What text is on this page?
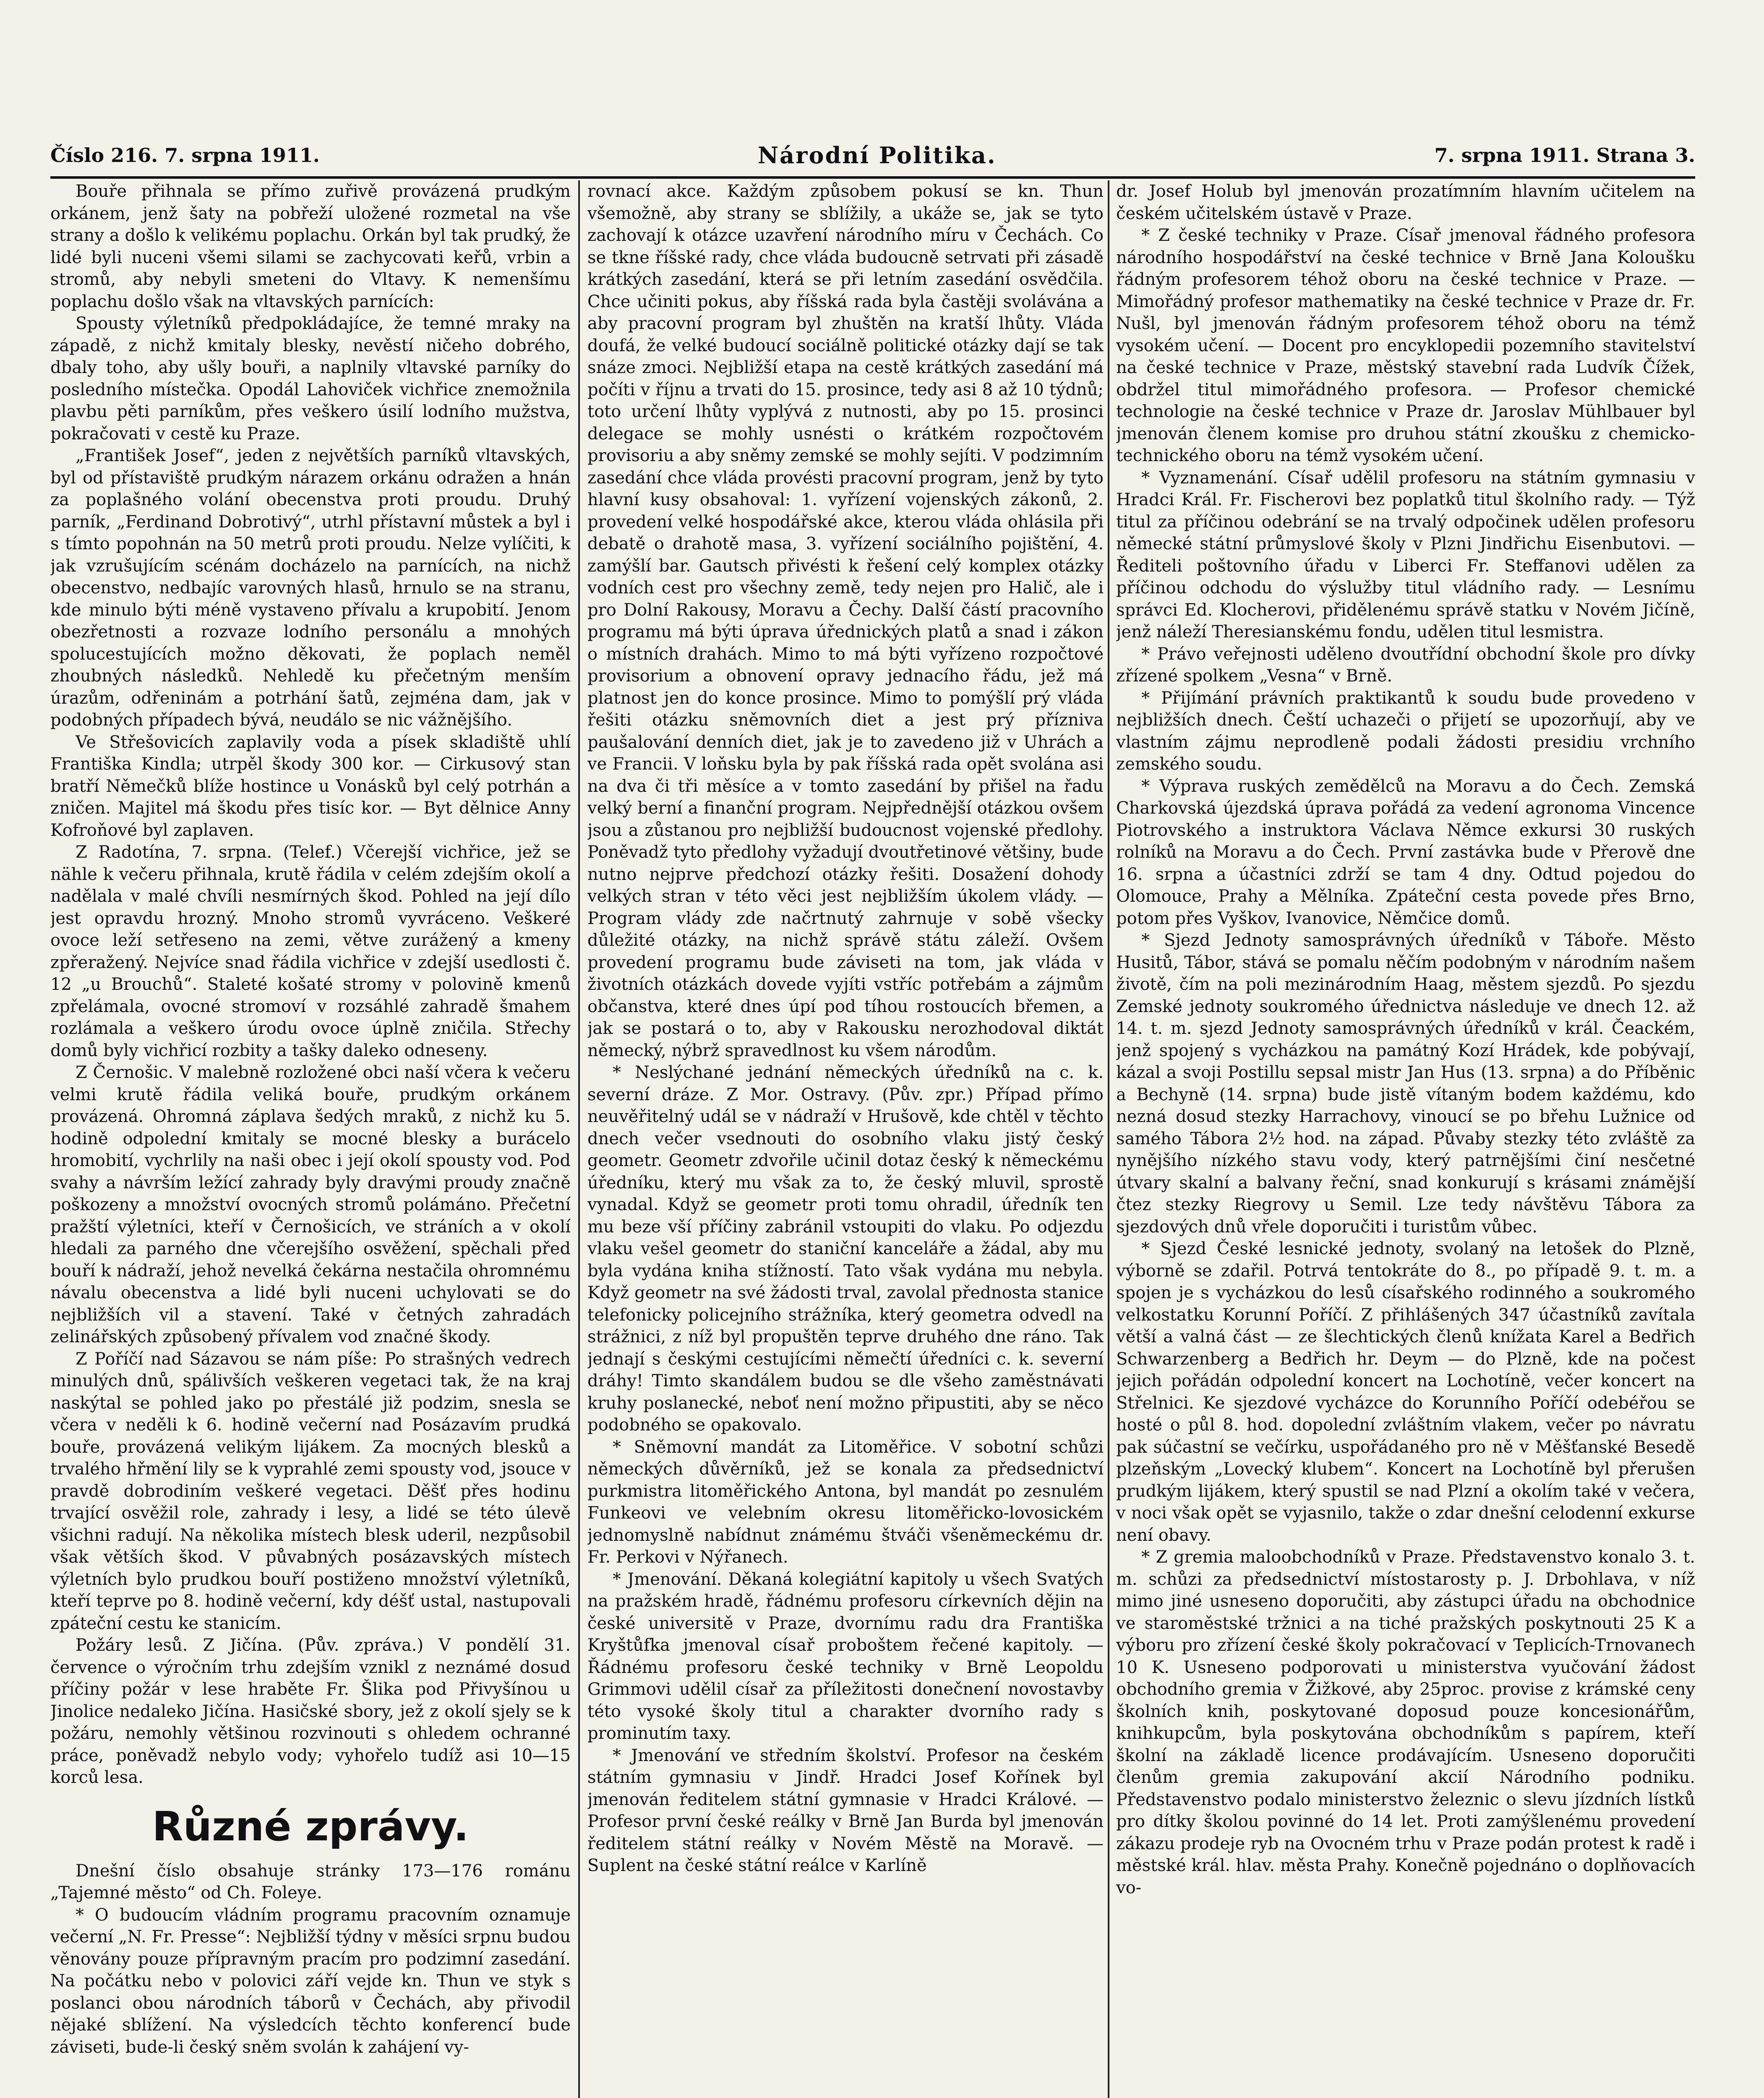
Číslo 216. 7. srpna 1911.	Národní Politika.	7. srpna 1911. Strana 3.

Bouře přihnala se přímo zuřivě provázená prudkým orkánem, jenž šaty na pobřeží uložené rozmetal na vše strany a došlo k velikému poplachu. Orkán byl tak prudký, že lidé byli nuceni všemi silami se zachycovati keřů, vrbin a stromů, aby nebyli smeteni do Vltavy. K nemenšímu poplachu došlo však na vltavských parnících:

Spousty výletníků předpokládajíce, že temné mraky na západě, z nichž kmitaly blesky, nevěstí ničeho dobrého, dbaly toho, aby ušly bouři, a naplnily vltavské parníky do posledního místečka. Opodál Lahoviček vichřice znemožnila plavbu pěti parníkům, přes veškero úsilí lodního mužstva, pokračovati v cestě ku Praze.

„František Josef“, jeden z největších parníků vltavských, byl od přístaviště prudkým nárazem orkánu odražen a hnán za poplašného volání obecenstva proti proudu. Druhý parník, „Ferdinand Dobrotivý“, utrhl přístavní můstek a byl i s tímto popohnán na 50 metrů proti proudu. Nelze vylíčiti, k jak vzrušujícím scénám docházelo na parnících, na nichž obecenstvo, nedbajíc varovných hlasů, hrnulo se na stranu, kde minulo býti méně vystaveno přívalu a krupobití. Jenom obezřetnosti a rozvaze lodního personálu a mnohých spolucestujících možno děkovati, že poplach neměl zhoubných následků. Nehledě ku přečetným menším úrazům, odřeninám a potrhání šatů, zejména dam, jak v podobných případech bývá, neudálo se nic vážnějšího.

Ve Střešovicích zaplavily voda a písek skladiště uhlí Františka Kindla; utrpěl škody 300 kor. — Cirkusový stan bratří Němečků blíže hostince u Vonásků byl celý potrhán a zničen. Majitel má škodu přes tisíc kor. — Byt dělnice Anny Kofroňové byl zaplaven.

Z Radotína, 7. srpna. (Telef.) Včerejší vichřice, jež se nähle k večeru přihnala, krutě řádila v celém zdejším okolí a nadělala v malé chvíli nesmírných škod. Pohled na její dílo jest opravdu hrozný. Mnoho stromů vyvráceno. Veškeré ovoce leží setřeseno na zemi, větve zurážený a kmeny zpřeražený. Nejvíce snad řádila vichřice v zdejší usedlosti č. 12 „u Brouchů“. Staleté košaté stromy v polovině kmenů zpřelámala, ovocné stromoví v rozsáhlé zahradě šmahem rozlámala a veškero úrodu ovoce úplně zničila. Střechy domů byly vichřicí rozbity a tašky daleko odneseny.

Z Černošic. V malebně rozložené obci naší včera k večeru velmi krutě řádila veliká bouře, prudkým orkánem provázená. Ohromná záplava šedých mraků, z nichž ku 5. hodině odpolední kmitaly se mocné blesky a burácelo hromobití, vychrlily na naši obec i její okolí spousty vod. Pod svahy a návrším ležící zahrady byly dravými proudy značně poškozeny a množství ovocných stromů polámáno. Přečetní pražští výletníci, kteří v Černošicích, ve stráních a v okolí hledali za parného dne včerejšího osvěžení, spěchali před bouří k nádraží, jehož nevelká čekárna nestačila ohromnému návalu obecenstva a lidé byli nuceni uchylovati se do nejbližších vil a stavení. Také v četných zahradách zelinářských způsobený přívalem vod značné škody.

Z Poříčí nad Sázavou se nám píše: Po strašných vedrech minulých dnů, spálivších veškeren vegetaci tak, že na kraj naskýtal se pohled jako po přestálé již podzim, snesla se včera v neděli k 6. hodině večerní nad Posázavím prudká bouře, provázená velikým lijákem. Za mocných blesků a trvalého hřmění lily se k vyprahlé zemi spousty vod, jsouce v pravdě dobrodiním veškeré vegetaci. Děšť přes hodinu trvající osvěžil role, zahrady i lesy, a lidé se této úlevě všichni radují. Na několika místech blesk uderil, nezpůsobil však větších škod. V půvabných posázavských místech výletních bylo prudkou bouří postiženo množství výletníků, kteří teprve po 8. hodině večerní, kdy déšť ustal, nastupovali zpáteční cestu ke stanicím.

Požáry lesů. Z Jičína. (Pův. zpráva.) V pondělí 31. července o výročním trhu zdejším vznikl z neznámé dosud příčiny požár v lese hraběte Fr. Šlika pod Přivyšínou u Jinolice nedaleko Jičína. Hasičské sbory, jež z okolí sjely se k požáru, nemohly většinou rozvinouti s ohledem ochranné práce, poněvadž nebylo vody; vyhořelo tudíž asi 10—15 korců lesa.

Různé zprávy.

Dnešní číslo obsahuje stránky 173—176 románu „Tajemné město“ od Ch. Foleye.

* O budoucím vládním programu pracovním oznamuje večerní „N. Fr. Presse“: Nejbližší týdny v měsíci srpnu budou věnovány pouze přípravným pracím pro podzimní zasedání. Na počátku nebo v polovici září vejde kn. Thun ve styk s poslanci obou národních táborů v Čechách, aby přivodil nějaké sblížení. Na výsledcích těchto konferencí bude záviseti, bude-li český sněm svolán k zahájení vy-

rovnací akce. Každým způsobem pokusí se kn. Thun všemožně, aby strany se sblížily, a ukáže se, jak se tyto zachovají k otázce uzavření národního míru v Čechách. Co se tkne říšské rady, chce vláda budoucně setrvati při zásadě krátkých zasedání, která se při letním zasedání osvědčila. Chce učiniti pokus, aby říšská rada byla častěji svolávána a aby pracovní program byl zhuštěn na kratší lhůty. Vláda doufá, že velké budoucí sociálně politické otázky dají se tak snáze zmoci. Nejbližší etapa na cestě krátkých zasedání má počíti v říjnu a trvati do 15. prosince, tedy asi 8 až 10 týdnů; toto určení lhůty vyplývá z nutnosti, aby po 15. prosinci delegace se mohly usnésti o krátkém rozpočtovém provisoriu a aby sněmy zemské se mohly sejíti. V podzimním zasedání chce vláda provésti pracovní program, jenž by tyto hlavní kusy obsahoval: 1. vyřízení vojenských zákonů, 2. provedení velké hospodářské akce, kterou vláda ohlásila při debatě o drahotě masa, 3. vyřízení sociálního pojištění, 4. zamýšlí bar. Gautsch přivésti k řešení celý komplex otázky vodních cest pro všechny země, tedy nejen pro Halič, ale i pro Dolní Rakousy, Moravu a Čechy. Další částí pracovního programu má býti úprava úřednických platů a snad i zákon o místních drahách. Mimo to má býti vyřízeno rozpočtové provisorium a obnovení opravy jednacího řádu, jež má platnost jen do konce prosince. Mimo to pomýšlí prý vláda řešiti otázku sněmovních diet a jest prý příznivа paušalování denních diet, jak je to zavedeno již v Uhrách a ve Francii. V loňsku byla by pak říšská rada opět svolána asi na dva či tři měsíce a v tomto zasedání by přišel na řadu velký berní a finanční program. Nejpřednější otázkou ovšem jsou a zůstanou pro nejbližší budoucnost vojenské předlohy. Poněvadž tyto předlohy vyžadují dvoutřetinové většiny, bude nutno nejprve předchozí otázky řešiti. Dosažení dohody velkých stran v této věci jest nejbližším úkolem vlády. — Program vlády zde načrtnutý zahrnuje v sobě všecky důležité otázky, na nichž správě státu záleží. Ovšem provedení programu bude záviseti na tom, jak vláda v životních otázkách dovede vyjíti vstříc potřebám a zájmům občanstva, které dnes úpí pod tíhou rostoucích břemen, a jak se postará o to, aby v Rakousku nerozhodoval diktát německý, nýbrž spravedlnost ku všem národům.

* Neslýchané jednání německých úředníků na c. k. severní dráze. Z Mor. Ostravy. (Pův. zpr.) Případ přímo neuvěřitelný udál se v nádraží v Hrušově, kde chtěl v těchto dnech večer vsednouti do osobního vlaku jistý český geometr. Geometr zdvořile učinil dotaz český k německému úředníku, který mu však za to, že český mluvil, sprostě vynadal. Když se geometr proti tomu ohradil, úředník ten mu beze vší příčiny zabránil vstoupiti do vlaku. Po odjezdu vlaku vešel geometr do staniční kanceláře a žádal, aby mu byla vydána kniha stížností. Tato však vydána mu nebyla. Když geometr na své žádosti trval, zavolal přednosta stanice telefonicky policejního strážníka, který geometra odvedl na strážnici, z níž byl propuštěn teprve druhého dne ráno. Tak jednají s českými cestujícími němečtí úředníci c. k. severní dráhy! Timto skandálem budou se dle všeho zaměstnávati kruhy poslanecké, neboť není možno připustiti, aby se něco podobného se opakovalo.

* Sněmovní mandát za Litoměřice. V sobotní schůzi německých důvěrníků, jež se konala za předsednictví purkmistra litoměřického Antona, byl mandát po zesnulém Funkeovi ve velebním okresu litoměřicko-lovosickém jednomyslně nabídnut známému štváči všeněmeckému dr. Fr. Perkovi v Nýřanech.

* Jmenování. Děkaná kolegiátní kapitoly u všech Svatých na pražském hradě, řádnému profesoru církevních dějin na české universitě v Praze, dvornímu radu dra Františka Kryštůfka jmenoval císař proboštem řečené kapitoly. — Řádnému profesoru české techniky v Brně Leopoldu Grimmovi udělil císař za příležitosti donečnení novostavby této vysoké školy titul a charakter dvorního rady s prominutím taxy.

* Jmenování ve středním školství. Profesor na českém státním gymnasiu v Jindř. Hradci Josef Kořínek byl jmenován ředitelem státní gymnasie v Hradci Králové. — Profesor první české reálky v Brně Jan Burda byl jmenován ředitelem státní reálky v Novém Městě na Moravě. — Suplent na české státní reálce v Karlíně

dr. Josef Holub byl jmenován prozatímním hlavním učitelem na českém učitelském ústavě v Praze.

* Z české techniky v Praze. Císař jmenoval řádného profesora národního hospodářství na české technice v Brně Jana Koloušku řádným profesorem téhož oboru na české technice v Praze. — Mimořádný profesor mathematiky na české technice v Praze dr. Fr. Nušl, byl jmenován řádným profesorem téhož oboru na témž vysokém učení. — Docent pro encyklopedii pozemního stavitelství na české technice v Praze, městský stavební rada Ludvík Čížek, obdržel titul mimořádného profesora. — Profesor chemické technologie na české technice v Praze dr. Jaroslav Mühlbauer byl jmenován členem komise pro druhou státní zkoušku z chemicko-technického oboru na témž vysokém učení.

* Vyznamenání. Císař udělil profesoru na státním gymnasiu v Hradci Král. Fr. Fischerovi bez poplatků titul školního rady. — Týž titul za příčinou odebrání se na trvalý odpočinek udělen profesoru německé státní průmyslové školy v Plzni Jindřichu Eisenbutovi. — Řediteli poštovního úřadu v Liberci Fr. Steffanovi udělen za příčinou odchodu do výslužby titul vládního rady. — Lesnímu správci Ed. Klocherovi, přidělenému správě statku v Novém Jičíně, jenž náleží Theresianskému fondu, udělen titul lesmistra.

* Právo veřejnosti uděleno dvoutřídní obchodní škole pro dívky zřízené spolkem „Vesna“ v Brně.

* Přijímání právních praktikantů k soudu bude provedeno v nejbližších dnech. Čeští uchazeči o přijetí se upozorňují, aby ve vlastním zájmu neprodleně podali žádosti presidiu vrchního zemského soudu.

* Výprava ruských zemědělců na Moravu a do Čech. Zemská Charkovská újezdská úprava pořádá za vedení agronoma Vincence Piotrovského a instruktora Václava Němce exkursi 30 ruských rolníků na Moravu a do Čech. První zastávka bude v Přerově dne 16. srpna a účastníci zdrží se tam 4 dny. Odtud pojedou do Olomouce, Prahy a Mělníka. Zpáteční cesta povede přes Brno, potom přes Vyškov, Ivanovice, Němčice domů.

* Sjezd Jednoty samosprávných úředníků v Táboře. Město Husitů, Tábor, stává se pomalu něčím podobným v národním našem životě, čím na poli mezinárodním Haag, městem sjezdů. Po sjezdu Zemské jednoty soukromého úřednictva následuje ve dnech 12. až 14. t. m. sjezd Jednoty samosprávných úředníků v král. Čeackém, jenž spojený s vycházkou na památný Kozí Hrádek, kde pobývají, kázal a svoji Postillu sepsal mistr Jan Hus (13. srpna) a do Příběnic a Bechyně (14. srpna) bude jistě vítaným bodem každému, kdo nezná dosud stezky Harrachovy, vinoucí se po břehu Lužnice od samého Tábora 2½ hod. na západ. Půvaby stezky této zvláště za nynějšího nízkého stavu vody, který patrnějšími činí nesčetné útvary skalní a balvany řeční, snad konkurují s krásami známější čtez stezky Riegrovy u Semil. Lze tedy návštěvu Tábora za sjezdových dnů vřele doporučiti i turistům vůbec.

* Sjezd České lesnické jednoty, svolaný na letošek do Plzně, výborně se zdařil. Potrvá tentokráte do 8., po případě 9. t. m. a spojen je s vycházkou do lesů císařského rodinného a soukromého velkostatku Korunní Poříčí. Z přihlášených 347 účastníků zavítala větší a valná část — ze šlechtických členů knížata Karel a Bedřich Schwarzenberg a Bedřich hr. Deym — do Plzně, kde na počest jejich pořádán odpolední koncert na Lochotíně, večer koncert na Střelnici. Ke sjezdové vycházce do Korunního Poříčí odebéřou se hosté o půl 8. hod. dopolední zvláštním vlakem, večer po návratu pak súčastní se večírku, uspořádaného pro ně v Měšťanské Besedě plzeňským „Lovecký klubem“. Koncert na Lochotíně byl přerušen prudkým lijákem, který spustil se nad Plzní a okolím také v večera, v noci však opět se vyjasnilo, takže o zdar dnešní celodenní exkurse není obavy.

* Z gremia maloobchodníků v Praze. Představenstvo konalo 3. t. m. schůzi za předsednictví místostarosty p. J. Drbohlava, v níž mimo jiné usneseno doporučiti, aby zástupci úřadu na obchodnice ve staroměstské tržnici a na tiché pražských poskytnouti 25 K a výboru pro zřízení české školy pokračovací v Teplicích-Trnovanech 10 K. Usneseno podporovati u ministerstva vyučování žádost obchodního gremia v Žižkové, aby 25proc. provise z krámské ceny školních knih, poskytované doposud pouze koncesionářům, knihkupcům, byla poskytována obchodníkům s papírem, kteří školní na základě licence prodávajícím. Usneseno doporučiti členům gremia zakupování akcií Národního podniku. Představenstvo podalo ministerstvo železnic o slevu jízdních lístků pro dítky školou povinné do 14 let. Proti zamýšlenému provedení zákazu prodeje ryb na Ovocném trhu v Praze podán protest k radě i městské král. hlav. města Prahy. Konečně pojednáno o doplňovacích vo-
